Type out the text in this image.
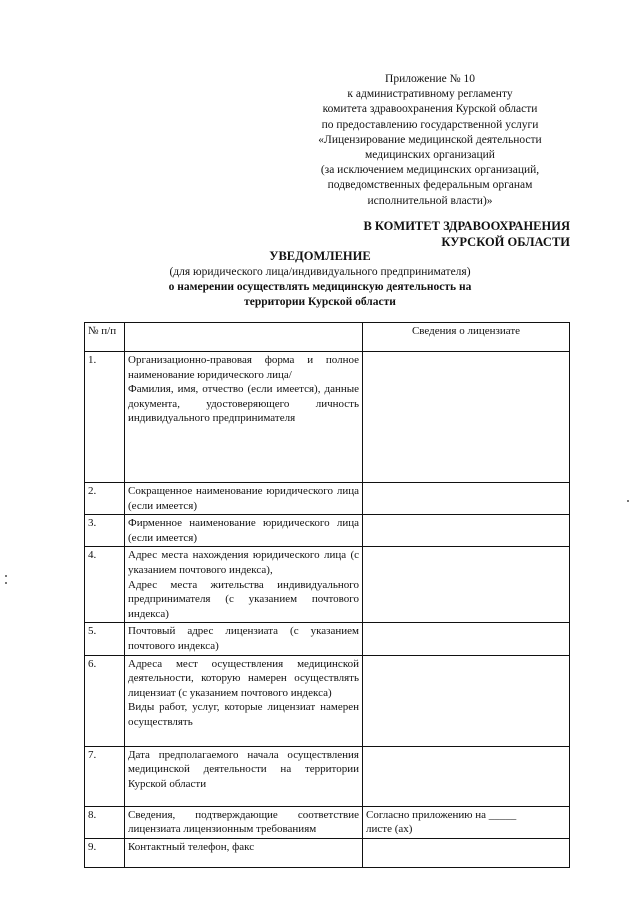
Приложение № 10
к административному регламенту
комитета здравоохранения Курской области
по предоставлению государственной услуги
«Лицензирование медицинской деятельности
медицинских организаций
(за исключением медицинских организаций,
подведомственных федеральным органам
исполнительной власти)»
В КОМИТЕТ ЗДРАВООХРАНЕНИЯ
КУРСКОЙ ОБЛАСТИ
УВЕДОМЛЕНИЕ
(для юридического лица/индивидуального предпринимателя)
о намерении осуществлять медицинскую деятельность на
территории Курской области
№ п/п		Сведения о лицензиате
1.	Организационно-правовая форма и полное наименование юридического лица/
Фамилия, имя, отчество (если имеется), данные документа, удостоверяющего личность индивидуального предпринимателя	

2.	Сокращенное наименование юридического лица (если имеется)	

3.	Фирменное наименование юридического лица (если имеется)	

4.	Адрес места нахождения юридического лица (с указанием почтового индекса),
Адрес места жительства индивидуального предпринимателя (с указанием почтового индекса)	

5.	Почтовый адрес лицензиата (с указанием почтового индекса)	

6.	Адреса мест осуществления медицинской деятельности, которую намерен осуществлять лицензиат (с указанием почтового индекса)
Виды работ, услуг, которые лицензиат намерен осуществлять	

7.	Дата предполагаемого начала осуществления медицинской деятельности на территории Курской области	

8.	Сведения, подтверждающие соответствие лицензиата лицензионным требованиям	Согласно приложению на _____
листе (ах)

9.	Контактный телефон, факс	
